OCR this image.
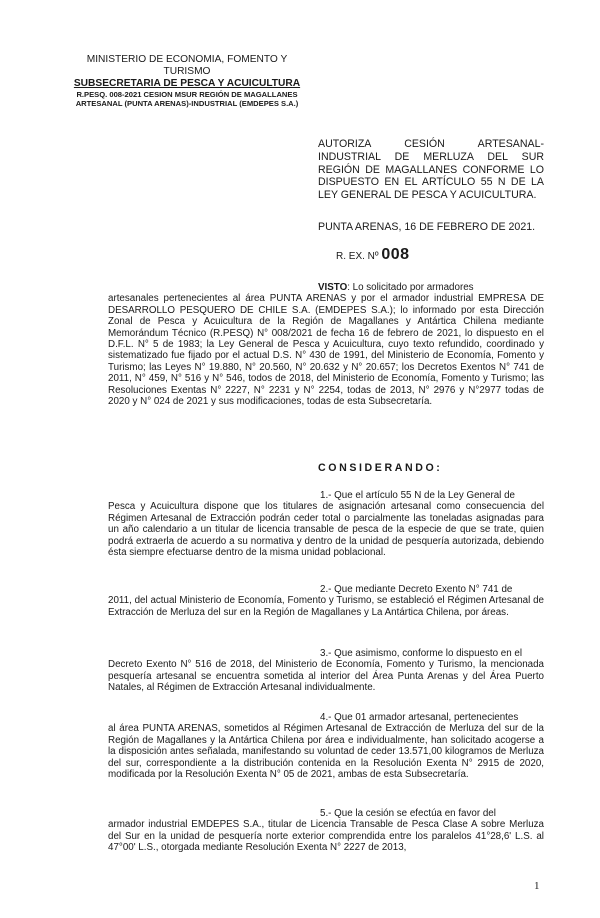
MINISTERIO DE ECONOMIA, FOMENTO Y TURISMO
SUBSECRETARIA DE PESCA Y ACUICULTURA
R.PESQ. 008-2021 CESION MSUR REGIÓN DE MAGALLANES ARTESANAL (PUNTA ARENAS)-INDUSTRIAL (EMDEPES S.A.)
AUTORIZA CESIÓN ARTESANAL-INDUSTRIAL DE MERLUZA DEL SUR REGIÓN DE MAGALLANES CONFORME LO DISPUESTO EN EL ARTÍCULO 55 N DE LA LEY GENERAL DE PESCA Y ACUICULTURA.
PUNTA ARENAS, 16 DE FEBRERO DE 2021.
R. EX. Nº 008
VISTO: Lo solicitado por armadores
artesanales pertenecientes al área PUNTA ARENAS y por el armador industrial EMPRESA DE DESARROLLO PESQUERO DE CHILE S.A. (EMDEPES S.A.); lo informado por esta Dirección Zonal de Pesca y Acuicultura de la Región de Magallanes y Antártica Chilena mediante Memorándum Técnico (R.PESQ) N° 008/2021 de fecha 16 de febrero de 2021, lo dispuesto en el D.F.L. N° 5 de 1983; la Ley General de Pesca y Acuicultura, cuyo texto refundido, coordinado y sistematizado fue fijado por el actual D.S. N° 430 de 1991, del Ministerio de Economía, Fomento y Turismo; las Leyes N° 19.880, N° 20.560, N° 20.632 y N° 20.657; los Decretos Exentos N° 741 de 2011, N° 459, N° 516 y N° 546, todos de 2018, del Ministerio de Economía, Fomento y Turismo; las Resoluciones Exentas N° 2227, N° 2231 y N° 2254, todas de 2013, N° 2976 y N°2977 todas de 2020 y N° 024 de 2021 y sus modificaciones, todas de esta Subsecretaría.
CONSIDERANDO:
1.- Que el artículo 55 N de la Ley General de
Pesca y Acuicultura dispone que los titulares de asignación artesanal como consecuencia del Régimen Artesanal de Extracción podrán ceder total o parcialmente las toneladas asignadas para un año calendario a un titular de licencia transable de pesca de la especie de que se trate, quien podrá extraerla de acuerdo a su normativa y dentro de la unidad de pesquería autorizada, debiendo ésta siempre efectuarse dentro de la misma unidad poblacional.
2.- Que mediante Decreto Exento N° 741 de
2011, del actual Ministerio de Economía, Fomento y Turismo, se estableció el Régimen Artesanal de Extracción de Merluza del sur en la Región de Magallanes y La Antártica Chilena, por áreas.
3.- Que asimismo, conforme lo dispuesto en el
Decreto Exento N° 516 de 2018, del Ministerio de Economía, Fomento y Turismo, la mencionada pesquería artesanal se encuentra sometida al interior del Área Punta Arenas y del Área Puerto Natales, al Régimen de Extracción Artesanal individualmente.
4.- Que 01 armador artesanal, pertenecientes
al área PUNTA ARENAS, sometidos al Régimen Artesanal de Extracción de Merluza del sur de la Región de Magallanes y la Antártica Chilena por área e individualmente, han solicitado acogerse a la disposición antes señalada, manifestando su voluntad de ceder 13.571,00 kilogramos de Merluza del sur, correspondiente a la distribución contenida en la Resolución Exenta N° 2915 de 2020, modificada por la Resolución Exenta N° 05 de 2021, ambas de esta Subsecretaría.
5.- Que la cesión se efectúa en favor del
armador industrial EMDEPES S.A., titular de Licencia Transable de Pesca Clase A sobre Merluza del Sur en la unidad de pesquería norte exterior comprendida entre los paralelos 41°28,6' L.S. al 47°00' L.S., otorgada mediante Resolución Exenta N° 2227 de 2013,
1
